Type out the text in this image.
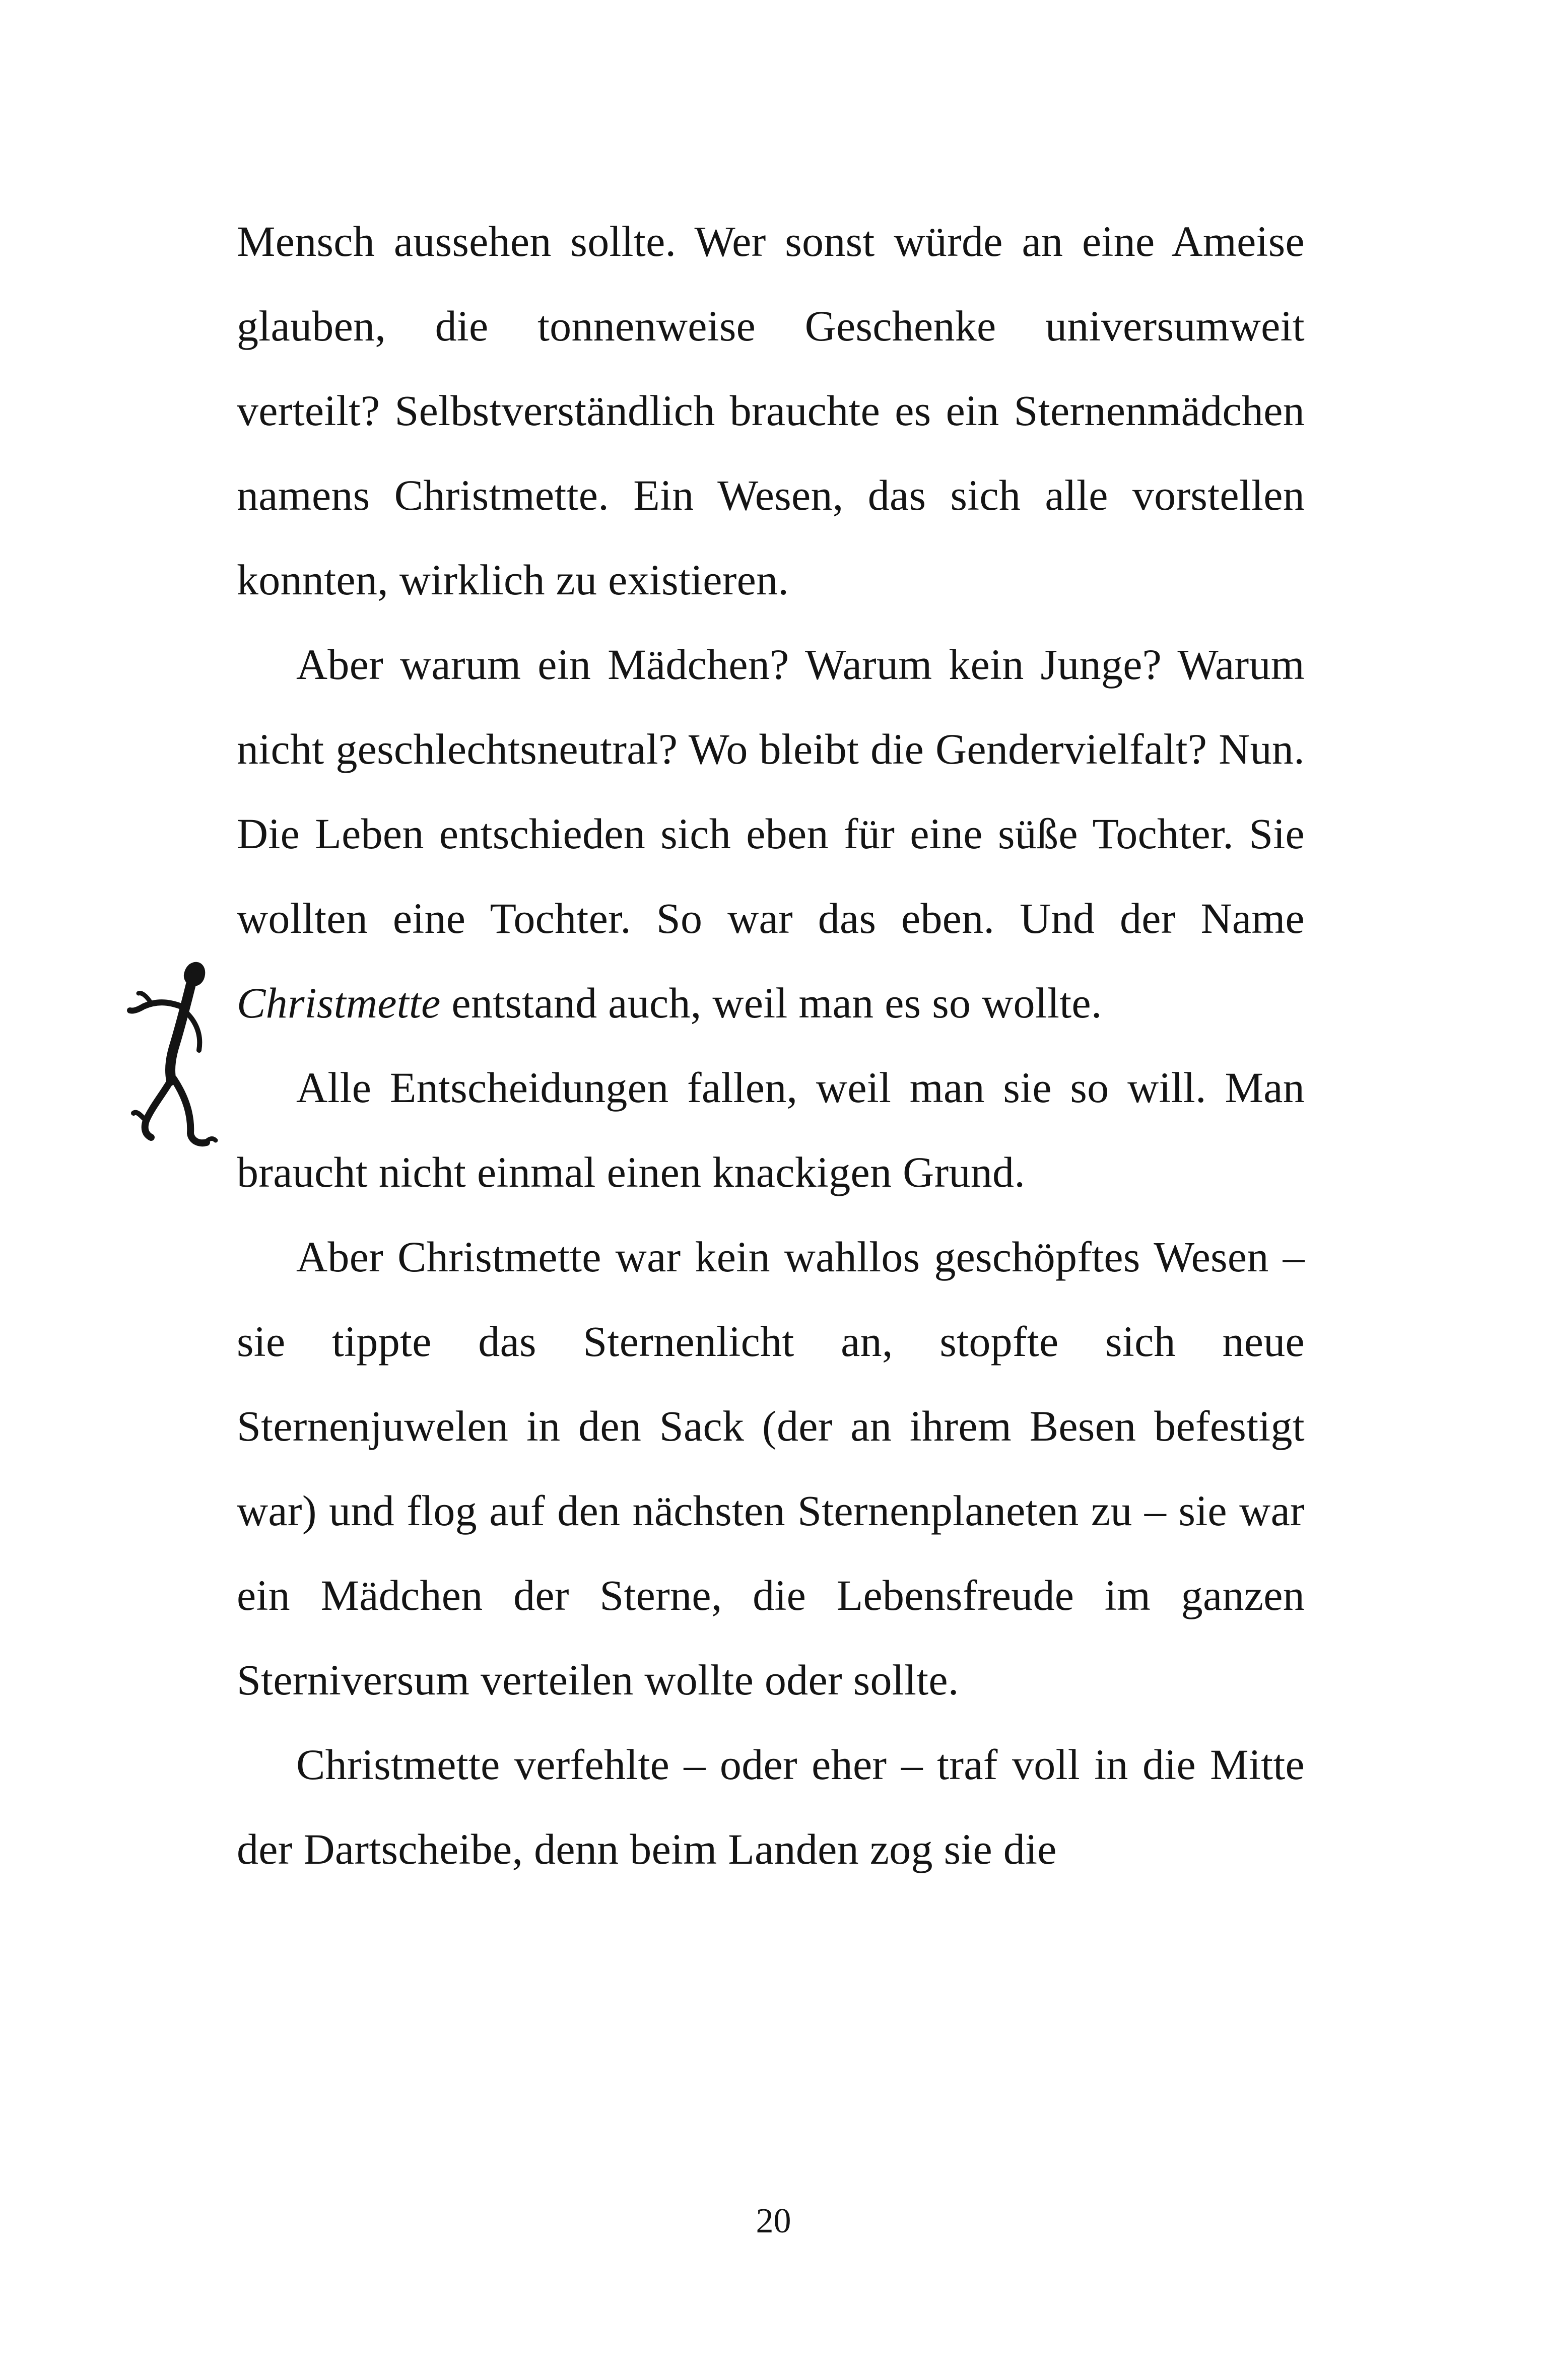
Mensch aussehen sollte. Wer sonst würde an eine Ameise glauben, die tonnenweise Geschenke universumweit verteilt? Selbstverständlich brauchte es ein Sternenmädchen namens Christmette. Ein Wesen, das sich alle vorstellen konnten, wirklich zu existieren.

Aber warum ein Mädchen? Warum kein Junge? Warum nicht geschlechtsneutral? Wo bleibt die Gendervielfalt? Nun. Die Leben entschieden sich eben für eine süße Tochter. Sie wollten eine Tochter. So war das eben. Und der Name Christmette entstand auch, weil man es so wollte.

Alle Entscheidungen fallen, weil man sie so will. Man braucht nicht einmal einen knackigen Grund.

Aber Christmette war kein wahllos geschöpftes Wesen – sie tippte das Sternenlicht an, stopfte sich neue Sternenjuwelen in den Sack (der an ihrem Besen befestigt war) und flog auf den nächsten Sternenplaneten zu – sie war ein Mädchen der Sterne, die Lebensfreude im ganzen Sterniversum verteilen wollte oder sollte.

Christmette verfehlte – oder eher – traf voll in die Mitte der Dartscheibe, denn beim Landen zog sie die

20
